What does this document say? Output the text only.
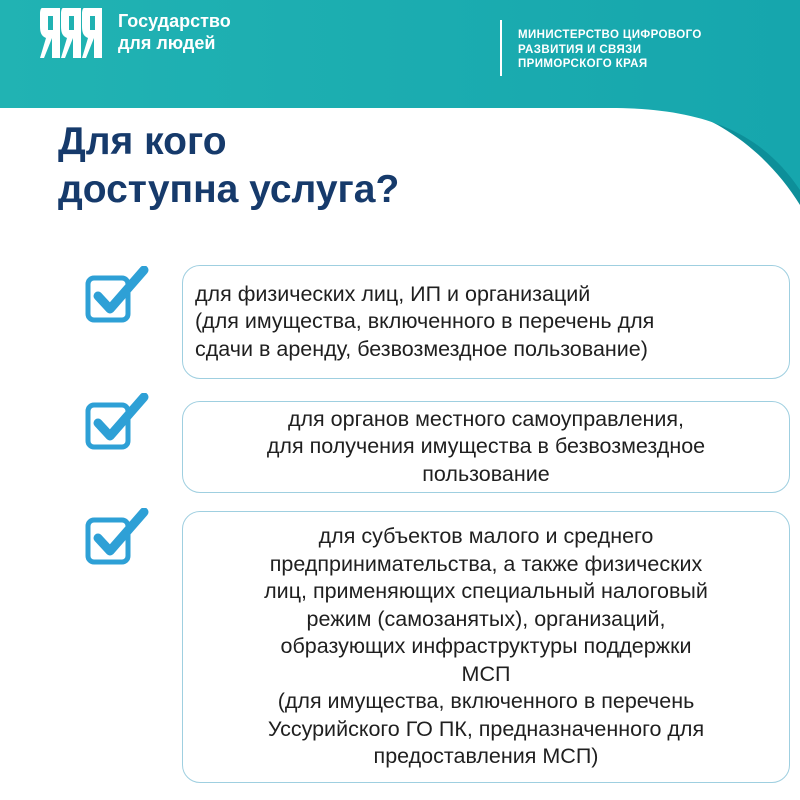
Государство
для людей	МИНИСТЕРСТВО ЦИФРОВОГО
РАЗВИТИЯ И СВЯЗИ
ПРИМОРСКОГО КРАЯ
Для кого
доступна услуга?
для физических лиц, ИП и организаций
(для имущества, включенного в перечень для
сдачи в аренду, безвозмездное пользование)
для органов местного самоуправления,
для получения имущества в безвозмездное
пользование
для субъектов малого и среднего
предпринимательства, а также физических
лиц, применяющих специальный налоговый
режим (самозанятых), организаций,
образующих инфраструктуры поддержки
МСП
(для имущества, включенного в перечень
Уссурийского ГО ПК, предназначенного для
предоставления МСП)
